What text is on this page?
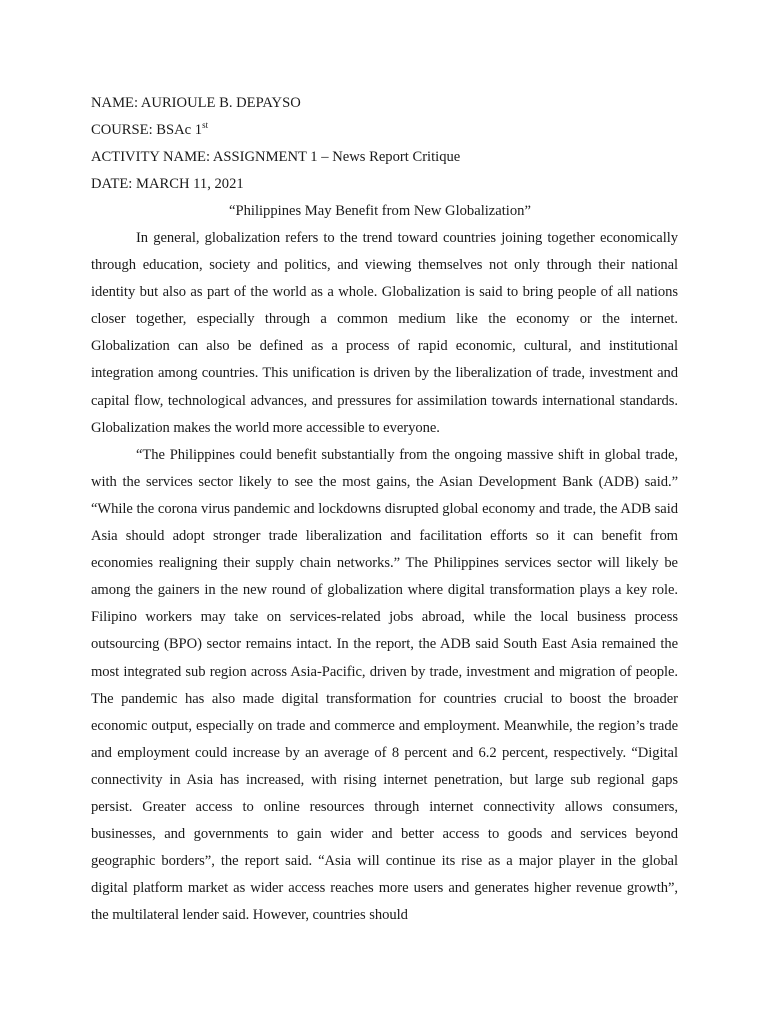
NAME: AURIOULE B. DEPAYSO
COURSE: BSAc 1st
ACTIVITY NAME: ASSIGNMENT 1 – News Report Critique
DATE: MARCH 11, 2021
“Philippines May Benefit from New Globalization”

In general, globalization refers to the trend toward countries joining together economically through education, society and politics, and viewing themselves not only through their national identity but also as part of the world as a whole. Globalization is said to bring people of all nations closer together, especially through a common medium like the economy or the internet. Globalization can also be defined as a process of rapid economic, cultural, and institutional integration among countries. This unification is driven by the liberalization of trade, investment and capital flow, technological advances, and pressures for assimilation towards international standards. Globalization makes the world more accessible to everyone.

“The Philippines could benefit substantially from the ongoing massive shift in global trade, with the services sector likely to see the most gains, the Asian Development Bank (ADB) said.” “While the corona virus pandemic and lockdowns disrupted global economy and trade, the ADB said Asia should adopt stronger trade liberalization and facilitation efforts so it can benefit from economies realigning their supply chain networks.” The Philippines services sector will likely be among the gainers in the new round of globalization where digital transformation plays a key role. Filipino workers may take on services-related jobs abroad, while the local business process outsourcing (BPO) sector remains intact. In the report, the ADB said South East Asia remained the most integrated sub region across Asia-Pacific, driven by trade, investment and migration of people. The pandemic has also made digital transformation for countries crucial to boost the broader economic output, especially on trade and commerce and employment. Meanwhile, the region’s trade and employment could increase by an average of 8 percent and 6.2 percent, respectively. “Digital connectivity in Asia has increased, with rising internet penetration, but large sub regional gaps persist. Greater access to online resources through internet connectivity allows consumers, businesses, and governments to gain wider and better access to goods and services beyond geographic borders”, the report said. “Asia will continue its rise as a major player in the global digital platform market as wider access reaches more users and generates higher revenue growth”, the multilateral lender said. However, countries should
